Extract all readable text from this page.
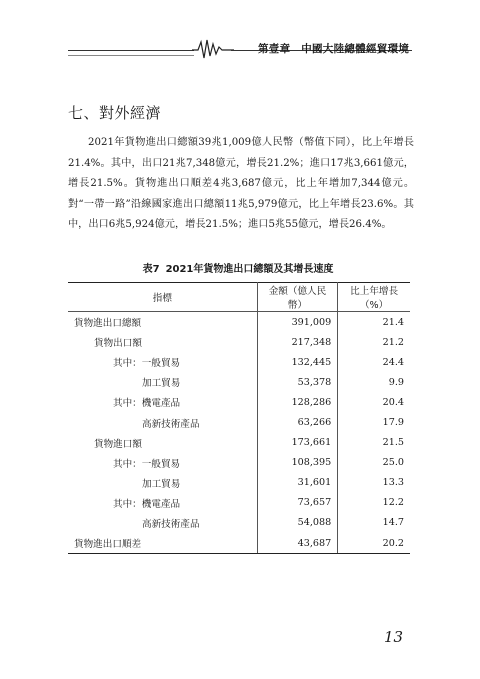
第壹章　中國大陸總體經貿環境
七、對外經濟

2021年貨物進出口總額39兆1,009億人民幣（幣值下同），比上年增長21.4%。其中，出口21兆7,348億元，增長21.2%；進口17兆3,661億元，增長21.5%。貨物進出口順差4兆3,687億元，比上年增加7,344億元。對“一帶一路”沿線國家進出口總額11兆5,979億元，比上年增長23.6%。其中，出口6兆5,924億元，增長21.5%；進口5兆55億元，增長26.4%。

表7 2021年貨物進出口總額及其增長速度
指標	金額（億人民幣）	比上年增長（%）
貨物進出口總額	391,009	21.4
貨物出口額	217,348	21.2
其中：一般貿易	132,445	24.4
加工貿易	53,378	9.9
其中：機電產品	128,286	20.4
高新技術產品	63,266	17.9
貨物進口額	173,661	21.5
其中：一般貿易	108,395	25.0
加工貿易	31,601	13.3
其中：機電產品	73,657	12.2
高新技術產品	54,088	14.7
貨物進出口順差	43,687	20.2
13
